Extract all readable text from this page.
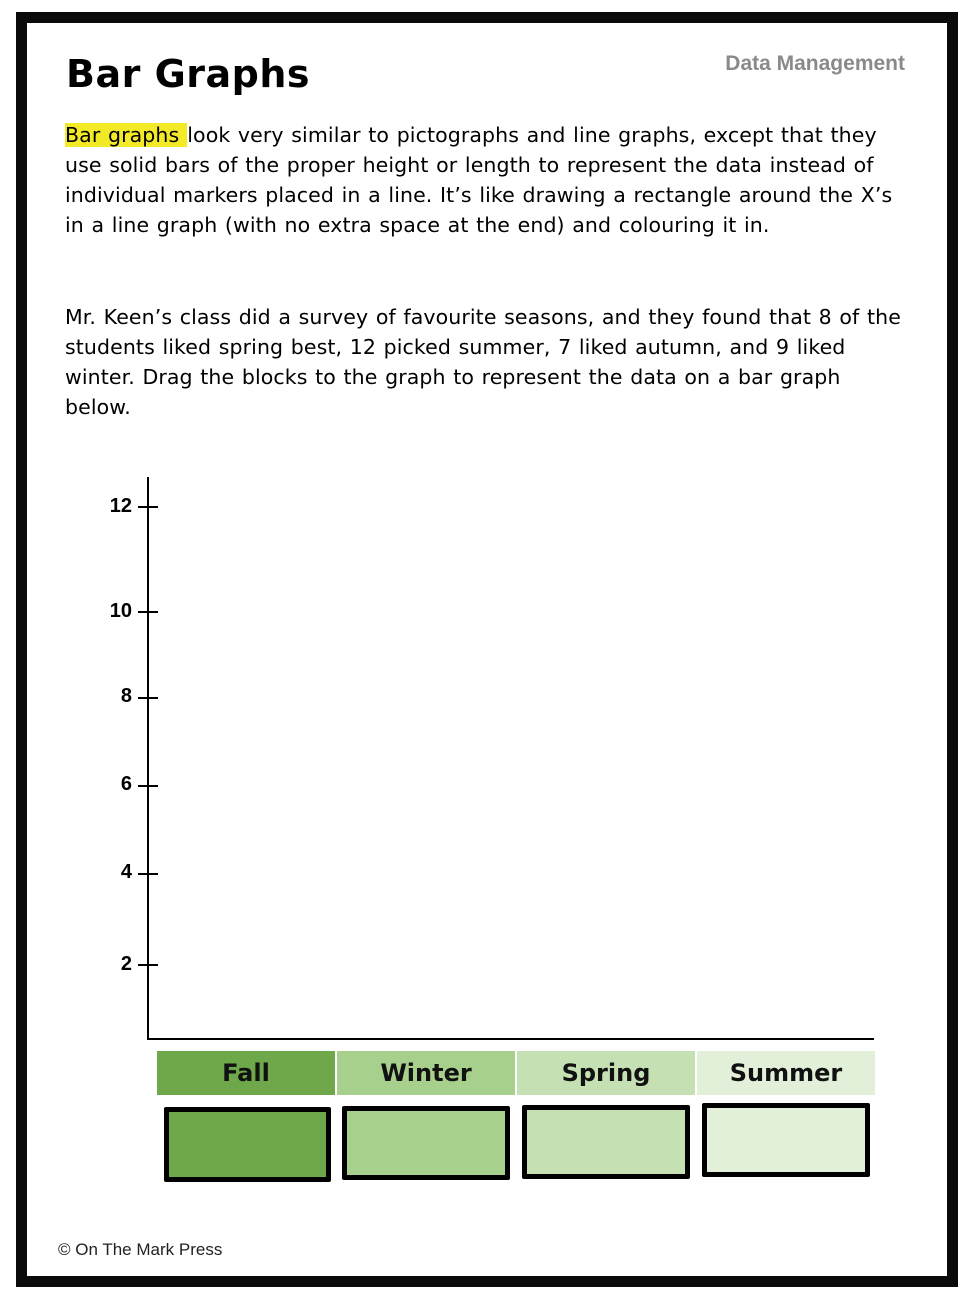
Bar Graphs	Data Management

Bar graphs look very similar to pictographs and line graphs, except that they use solid bars of the proper height or length to represent the data instead of individual markers placed in a line. It’s like drawing a rectangle around the X’s in a line graph (with no extra space at the end) and colouring it in.

Mr. Keen’s class did a survey of favourite seasons, and they found that 8 of the students liked spring best, 12 picked summer, 7 liked autumn, and 9 liked winter. Drag the blocks to the graph to represent the data on a bar graph below.

12
10
8
6
4
2
Fall	Winter	Spring	Summer
© On The Mark Press
